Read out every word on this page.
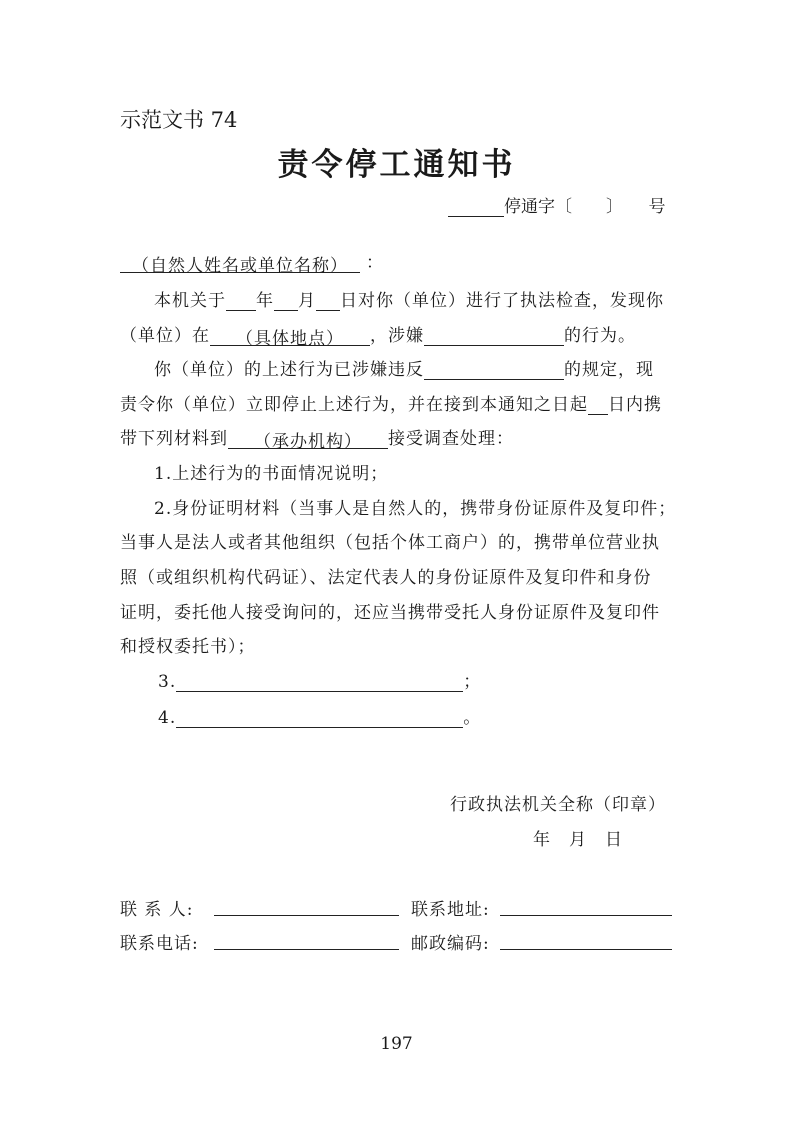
示范文书 74
责令停工通知书
停通字〔　　〕　　号
（自然人姓名或单位名称） ：
本机关于 年 月 日对你（单位）进行了执法检查，发现你
（单位）在 （具体地点） ，涉嫌	的行为。
你（单位）的上述行为已涉嫌违反	的规定，现
责令你（单位）立即停止上述行为，并在接到本通知之日起 日内携
带下列材料到 （承办机构） 接受调查处理：
1.上述行为的书面情况说明；
2.身份证明材料（当事人是自然人的，携带身份证原件及复印件；
当事人是法人或者其他组织（包括个体工商户）的，携带单位营业执
照（或组织机构代码证）、法定代表人的身份证原件及复印件和身份
证明，委托他人接受询问的，还应当携带受托人身份证原件及复印件
和授权委托书）；
3.	；
4.	。
行政执法机关全称（印章）
年　月　日
联 系 人:	联系地址:
联系电话:	邮政编码:
197
